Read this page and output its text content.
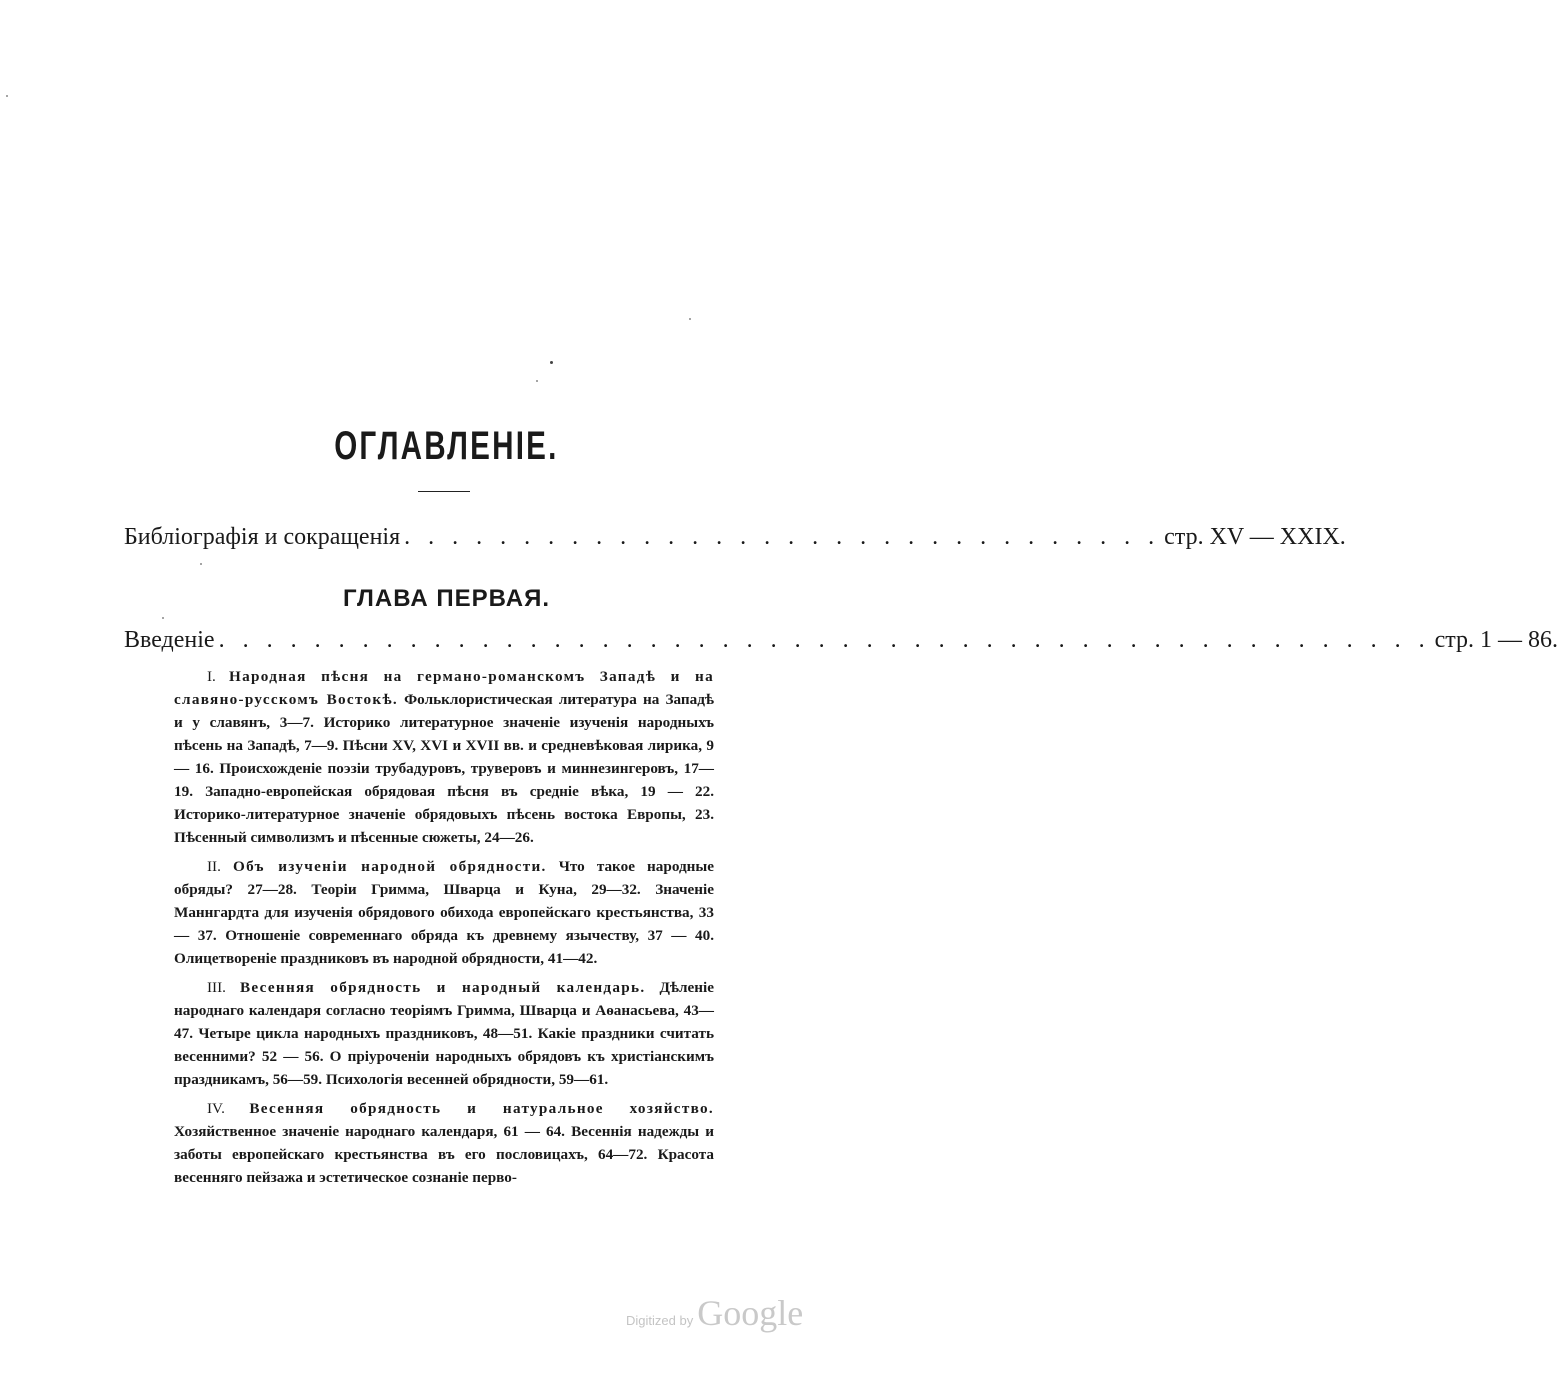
ОГЛАВЛЕНІЕ.
Библіографія и сокращенія . . . . . . . . . . . . . . . . . . . . . . . . . . . . . . . . стр. XV — XXIX.
ГЛАВА ПЕРВАЯ.
Введеніе . . . . . . . . . . . . . . . . . . . . . . . . . . . . . . . . . . . . . . . . . . . . . . . . . . . стр. 1 — 86.

I. Народная пѣсня на германо-романскомъ Западѣ и на славяно-русскомъ Востокѣ. Фольклористическая литература на Западѣ и у славянъ, 3—7. Историко литературное значеніе изученія народныхъ пѣсень на Западѣ, 7—9. Пѣсни XV, XVI и XVII вв. и средневѣковая лирика, 9 — 16. Происхожденіе поэзіи трубадуровъ, труверовъ и миннезингеровъ, 17—19. Западно-европейская обрядовая пѣсня въ средніе вѣка, 19 — 22. Историко-литературное значеніе обрядовыхъ пѣсень востока Европы, 23. Пѣсенный символизмъ и пѣсенные сюжеты, 24—26.

II. Объ изученіи народной обрядности. Что такое народные обряды? 27—28. Теоріи Гримма, Шварца и Куна, 29—32. Значеніе Маннгардта для изученія обрядового обихода европейскаго крестьянства, 33 — 37. Отношеніе современнаго обряда къ древнему язычеству, 37 — 40. Олицетвореніе праздниковъ въ народной обрядности, 41—42.

III. Весенняя обрядность и народный календарь. Дѣленіе народнаго календаря согласно теоріямъ Гримма, Шварца и Аѳанасьева, 43—47. Четыре цикла народныхъ праздниковъ, 48—51. Какіе праздники считать весенними? 52 — 56. О пріуроченіи народныхъ обрядовъ къ христіанскимъ праздникамъ, 56—59. Психологія весенней обрядности, 59—61.

IV. Весенняя обрядность и натуральное хозяйство. Хозяйственное значеніе народнаго календаря, 61 — 64. Весеннія надежды и заботы европейскаго крестьянства въ его пословицахъ, 64—72. Красота весенняго пейзажа и эстетическое сознаніе перво-

Digitized by Google
